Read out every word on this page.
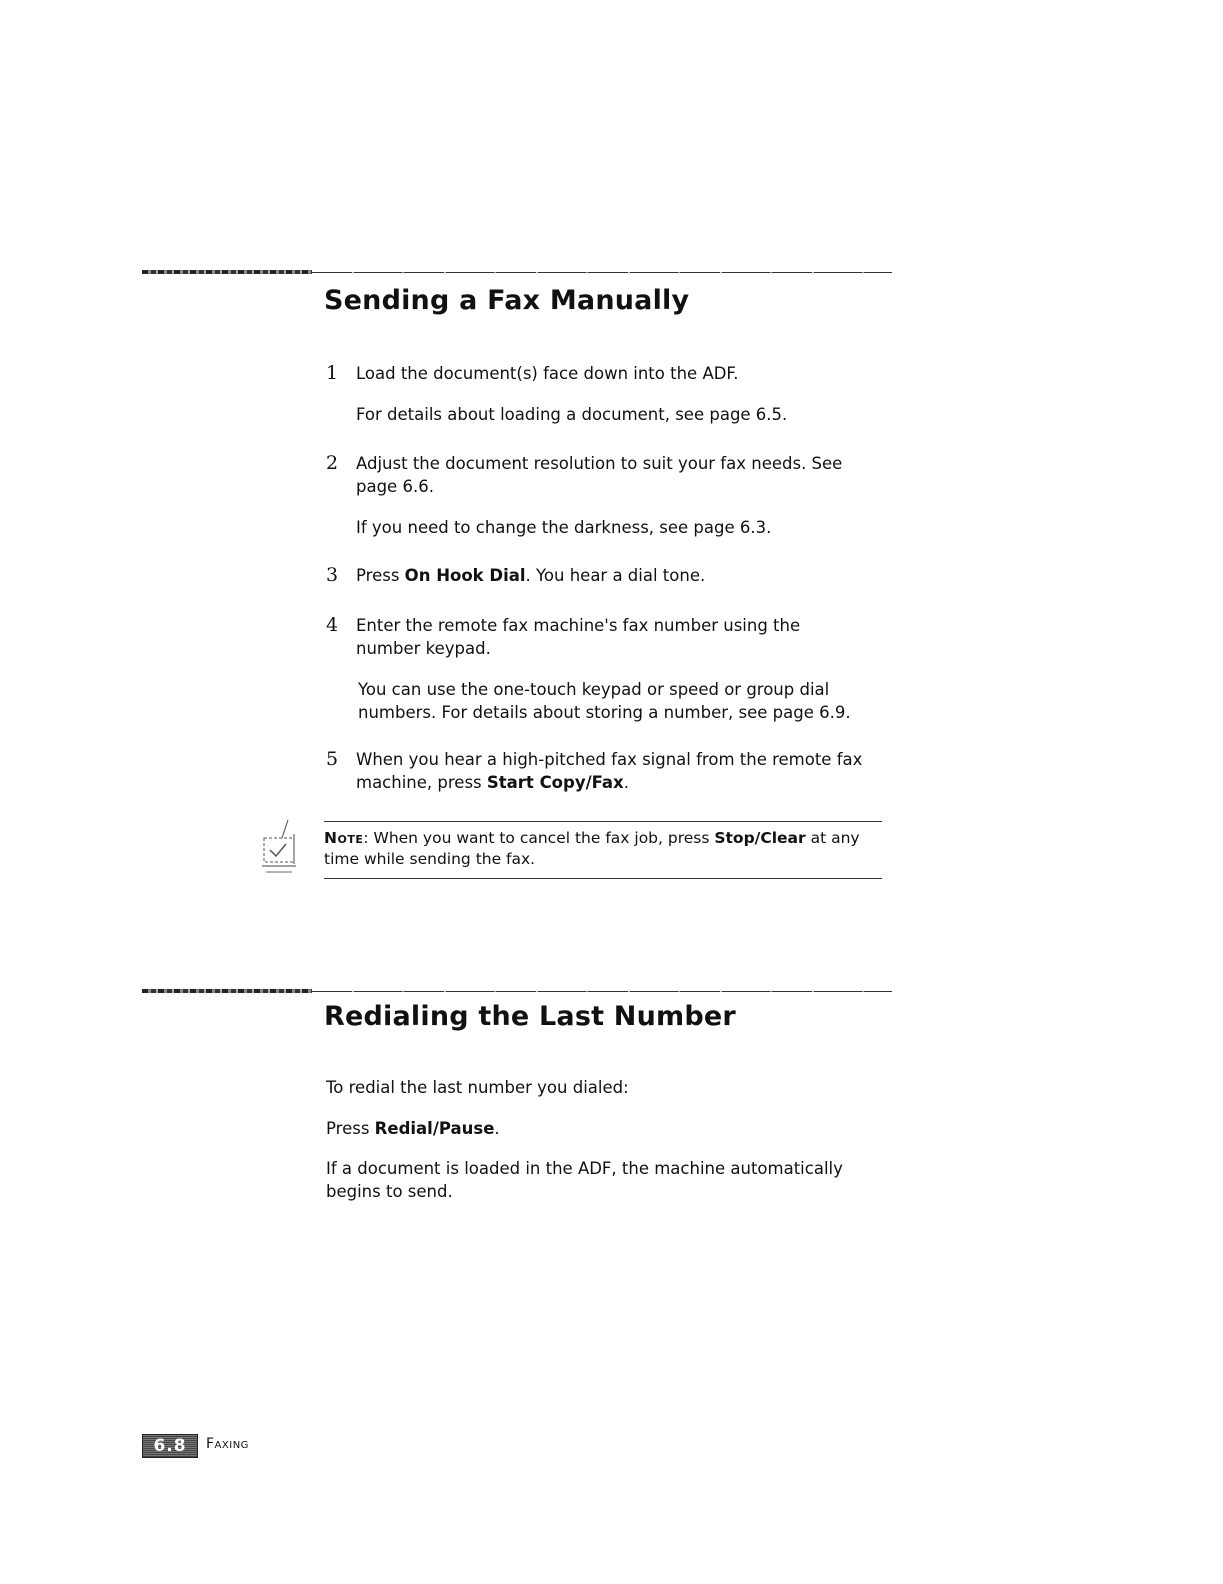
Sending a Fax Manually
1 Load the document(s) face down into the ADF.
For details about loading a document, see page 6.5.
2 Adjust the document resolution to suit your fax needs. See page 6.6.
If you need to change the darkness, see page 6.3.
3 Press On Hook Dial. You hear a dial tone.
4 Enter the remote fax machine's fax number using the number keypad.
You can use the one-touch keypad or speed or group dial numbers. For details about storing a number, see page 6.9.
5 When you hear a high-pitched fax signal from the remote fax machine, press Start Copy/Fax.
Note: When you want to cancel the fax job, press Stop/Clear at any time while sending the fax.
Redialing the Last Number
To redial the last number you dialed:
Press Redial/Pause.
If a document is loaded in the ADF, the machine automatically begins to send.
6.8	Faxing
